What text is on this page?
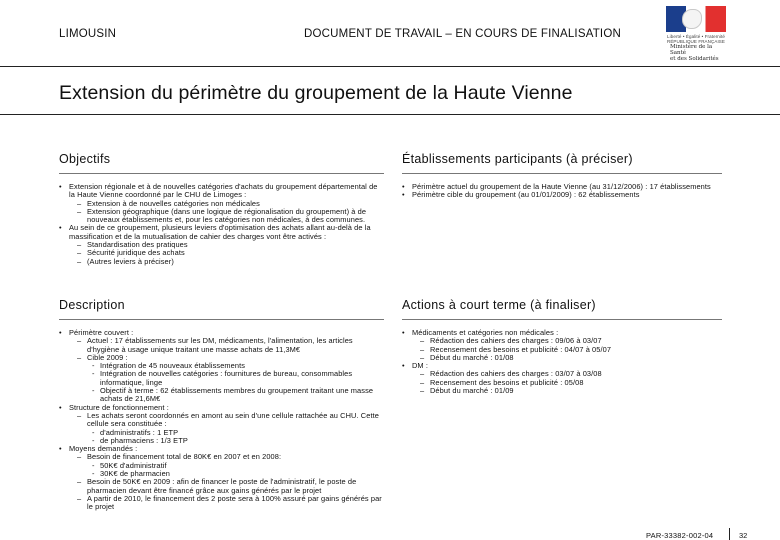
LIMOUSIN	DOCUMENT DE TRAVAIL – EN COURS DE FINALISATION	Liberté • Égalité • Fraternité
RÉPUBLIQUE FRANÇAISE
Ministère de la Santé
et des Solidarités
Extension du périmètre du groupement de la Haute Vienne
Objectifs
• Extension régionale et à de nouvelles catégories d'achats du groupement départemental de la Haute Vienne coordonné par le CHU de Limoges :
– Extension à de nouvelles catégories non médicales
– Extension géographique (dans une logique de régionalisation du groupement) à de nouveaux établissements et, pour les catégories non médicales, à des communes.
• Au sein de ce groupement, plusieurs leviers d'optimisation des achats allant au-delà de la massification et de la mutualisation de cahier des charges vont être activés :
– Standardisation des pratiques
– Sécurité juridique des achats
– (Autres leviers à préciser)
Établissements participants (à préciser)
• Périmètre actuel du groupement de la Haute Vienne (au 31/12/2006) : 17 établissements
• Périmètre cible du groupement (au 01/01/2009) : 62 établissements
Description
• Périmètre couvert :
– Actuel : 17 établissements sur les DM, médicaments, l'alimentation, les articles d'hygiène à usage unique traitant une masse achats de 11,3M€
– Cible 2009 :
- Intégration de 45 nouveaux établissements
- Intégration de nouvelles catégories : fournitures de bureau, consommables informatique, linge
- Objectif à terme : 62 établissements membres du groupement traitant une masse achats de 21,6M€
• Structure de fonctionnement :
– Les achats seront coordonnés en amont au sein d'une cellule rattachée au CHU. Cette cellule sera constituée :
- d'administratifs : 1 ETP
- de pharmaciens : 1/3 ETP
• Moyens demandés :
– Besoin de financement total de 80K€ en 2007 et en 2008:
- 50K€ d'administratif
- 30K€ de pharmacien
– Besoin de 50K€ en 2009 : afin de financer le poste de l'administratif, le poste de pharmacien devant être financé grâce aux gains générés par le projet
– A partir de 2010, le financement des 2 poste sera à 100% assuré par gains générés par le projet
Actions à court terme (à finaliser)
• Médicaments et catégories non médicales :
– Rédaction des cahiers des charges : 09/06 à 03/07
– Recensement des besoins et publicité : 04/07 à 05/07
– Début du marché : 01/08
• DM :
– Rédaction des cahiers des charges : 03/07 à 03/08
– Recensement des besoins et publicité : 05/08
– Début du marché : 01/09
PAR-33382-002-04	32
